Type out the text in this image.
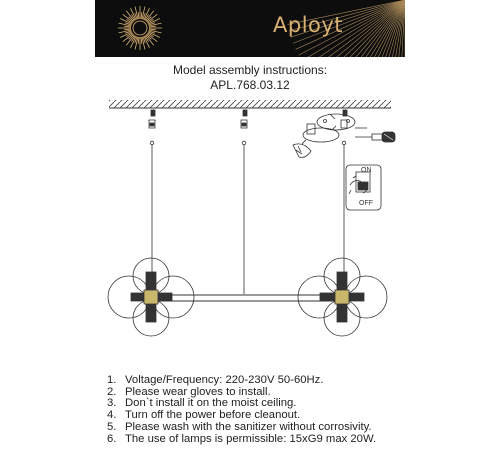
Aployt
Model assembly instructions:
APL.768.03.12
ON
OFF
1. Voltage/Frequency: 220-230V 50-60Hz.
2. Please wear gloves to install.
3. Don`t install it on the moist ceiling.
4. Turn off the power before cleanout.
5. Please wash with the sanitizer without corrosivity.
6. The use of lamps is permissible: 15xG9 max 20W.
